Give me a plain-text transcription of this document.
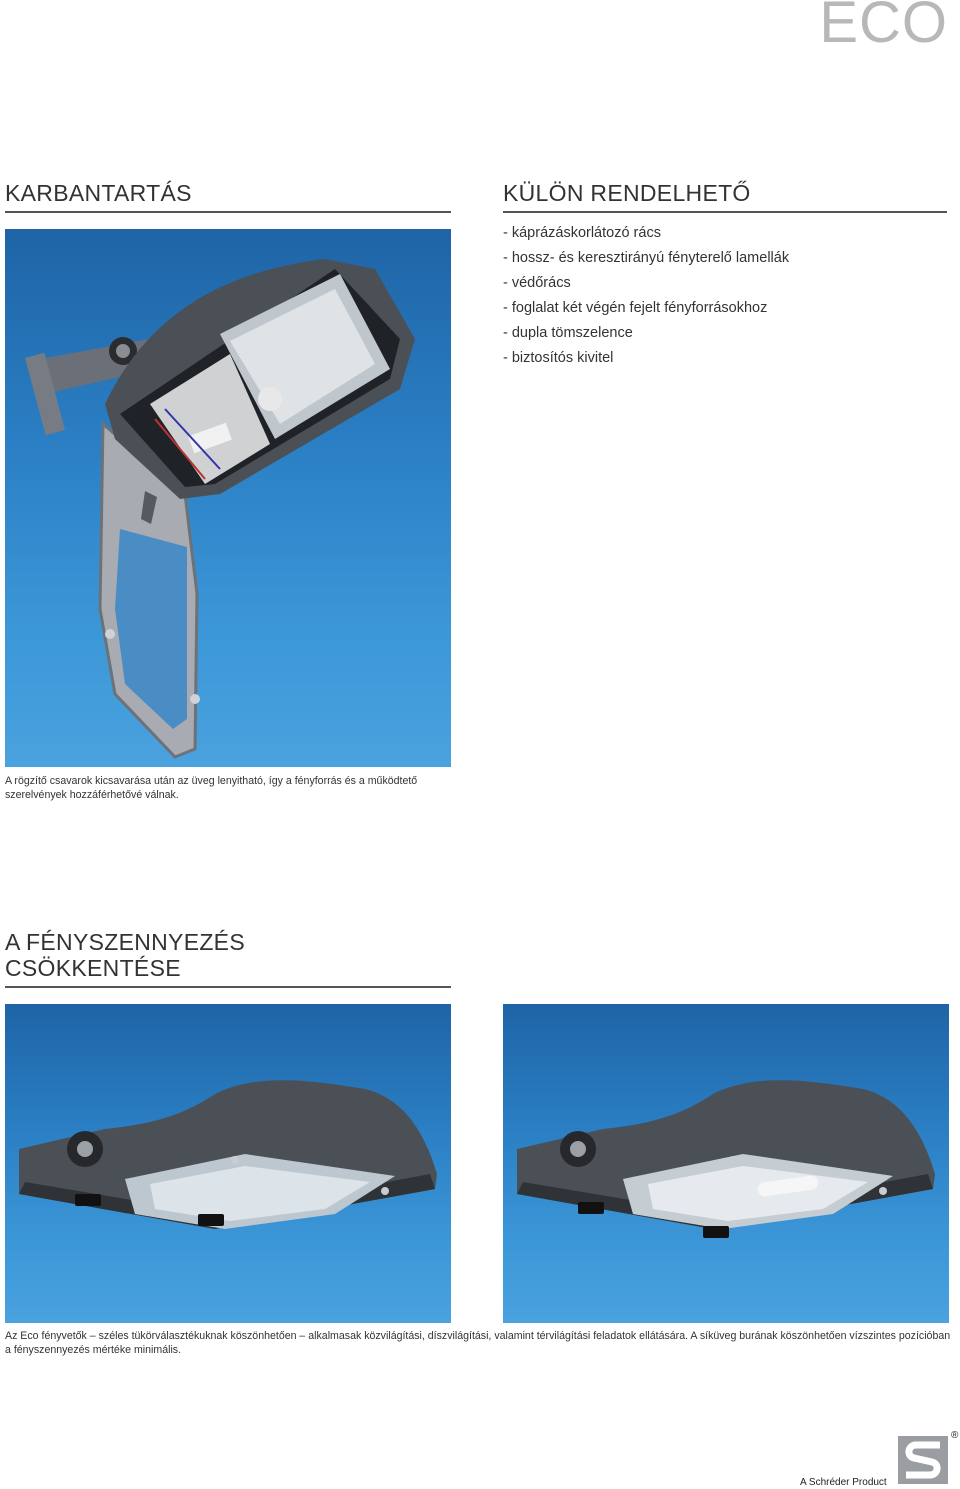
ECO
KARBANTARTÁS
A rögzítő csavarok kicsavarása után az üveg lenyitható, így a fényforrás és a működtető szerelvények hozzáférhetővé válnak.
KÜLÖN RENDELHETŐ
- káprázáskorlátozó rács
- hossz- és keresztirányú fényterelő lamellák
- védőrács
- foglalat két végén fejelt fényforrásokhoz
- dupla tömszelence
- biztosítós kivitel
A FÉNYSZENNYEZÉS
CSÖKKENTÉSE
Az Eco fényvetők – széles tükörválasztékuknak köszönhetően – alkalmasak közvilágítási, díszvilágítási, valamint térvilágítási feladatok ellátására. A síküveg burának köszönhetően vízszintes pozícióban a fényszennyezés mértéke minimális.
®
A Schréder Product
